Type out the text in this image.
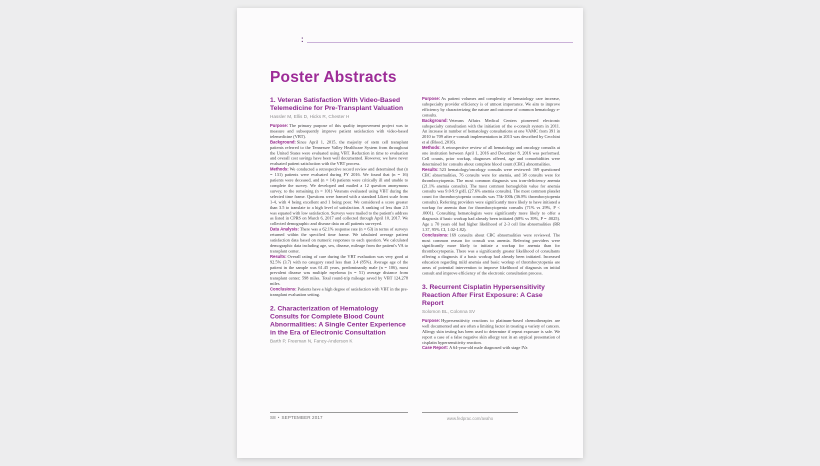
:
Poster Abstracts
1. Veteran Satisfaction With Video-Based Telemedicine for Pre-Transplant Valuation
Hassler M, Ellis D, Hicks R, Chester H

Purpose:The primary purpose of this quality improvement project was to measure and subsequently improve patient satisfaction with video-based telemedicine (VBT).

Background:Since April 1, 2015, the majority of stem cell transplant patients referred to the Tennessee Valley Healthcare System from throughout the United States were evaluated using VBT. Reduction in time to evaluation and overall cost savings have been well documented. However, we have never evaluated patient satisfaction with the VBT process.

Methods:We conducted a retrospective record review and determined that (n = 131) patients were evaluated during FY 2016. We found that (n = 16) patients were deceased, and (n = 14) patients were critically ill and unable to complete the survey. We developed and mailed a 12 question anonymous survey, to the remaining (n = 101) Veterans evaluated using VBT during the selected time frame. Questions were framed with a standard Likert scale from 1-4, with 4 being excellent and 1 being poor. We considered a score greater than 3.5 to translate to a high level of satisfaction. A ranking of less than 2.5 was equated with low satisfaction. Surveys were mailed to the patient's address as listed in CPRS on March 6, 2017 and collected through April 10, 2017. We collected demographic and disease data on all patients surveyed.

Data Analysis:There was a 62.1% response rate (n = 63) in terms of surveys returned within the specified time frame. We tabulated average patient satisfaction data based on numeric responses to each question. We calculated demographic data including age, sex, disease, mileage from the patient's VA to transplant center.

Results:Overall rating of care during the VBT evaluation was very good at 92.5% (3.7) with no category rated less than 3.4 (85%). Average age of the patient in the sample was 61.45 years, predominantly male (n = 106), most prevalent disease was multiple myeloma (n = 51) average distance from transplant center; 598 miles. Total round-trip mileage saved by VBT 124,278 miles.

Conclusions:Patients have a high degree of satisfaction with VBT in the pre-transplant evaluation setting.

2. Characterization of Hematology Consults for Complete Blood Count Abnormalities: A Single Center Experience in the Era of Electronic Consultation
Barth P, Freeman N, Fancy-Anderson K

Purpose:As patient volumes and complexity of hematology care increase, subspecialty provider efficiency is of utmost importance. We aim to improve efficiency by characterizing the nature and outcome of common hematology e-consults.

Background:Veterans Affairs Medical Centers pioneered electronic subspecialty consultation with the initiation of the e-consult system in 2011. An increase in number of hematology consultations at one VAMC from 391 in 2010 to 709 after e-consult implementation in 2013 was described by Cecchini et al (Blood, 2016).

Methods:A retrospective review of all hematology and oncology consults at one institution between April 1, 2016 and December 8, 2016 was performed. Cell counts, prior workup, diagnoses offered, age and comorbidities were determined for consults about complete blood count (CBC) abnormalities.

Results:523 hematology/oncology consults were reviewed: 169 questioned CBC abnormalities, 76 consults were for anemia, and 38 consults were for thrombocytopenia. The most common diagnosis was iron-deficiency anemia (21.1% anemia consults). The most common hemoglobin value for anemia consults was 9.0-9.9 g/dL (27.6% anemia consults). The most common platelet count for thrombocytopenia consults was 75k-100k (36.8% thrombocytopenia consults). Referring providers were significantly more likely to have initiated a workup for anemia than for thrombocytopenia consults (71% vs 29%, P < .0001). Consulting hematologists were significantly more likely to offer a diagnosis if basic workup had already been initiated (68% vs 39%, P = .0025). Age ≥ 70 years old had higher likelihood of 2-3 cell line abnormalities (RR 1.37, 95% CI, 1.02-1.82).

Conclusions:169 consults about CBC abnormalities were reviewed. The most common reason for consult was anemia. Referring providers were significantly more likely to initiate a workup for anemia than for thrombocytopenia. There was a significantly greater likelihood of consultants offering a diagnosis if a basic workup had already been initiated. Increased education regarding mild anemia and basic workup of thrombocytopenia are areas of potential intervention to improve likelihood of diagnosis on initial consult and improve efficiency of the electronic consultation process.

3. Recurrent Cisplatin Hypersensitivity Reaction After First Exposure: A Case Report
Solomon BL, Colonna SV

Purpose:Hypersensitivity reactions to platinum-based chemotherapies are well documented and are often a limiting factor in treating a variety of cancers. Allergy skin testing has been used to determine if repeat exposure is safe. We report a case of a false negative skin allergy test in an atypical presentation of cisplatin hypersensitivity reaction.

Case Report:A 64-year-old male diagnosed with stage IVa

S8 • SEPTEMBER 2017	www.fedprac.com/avaho
